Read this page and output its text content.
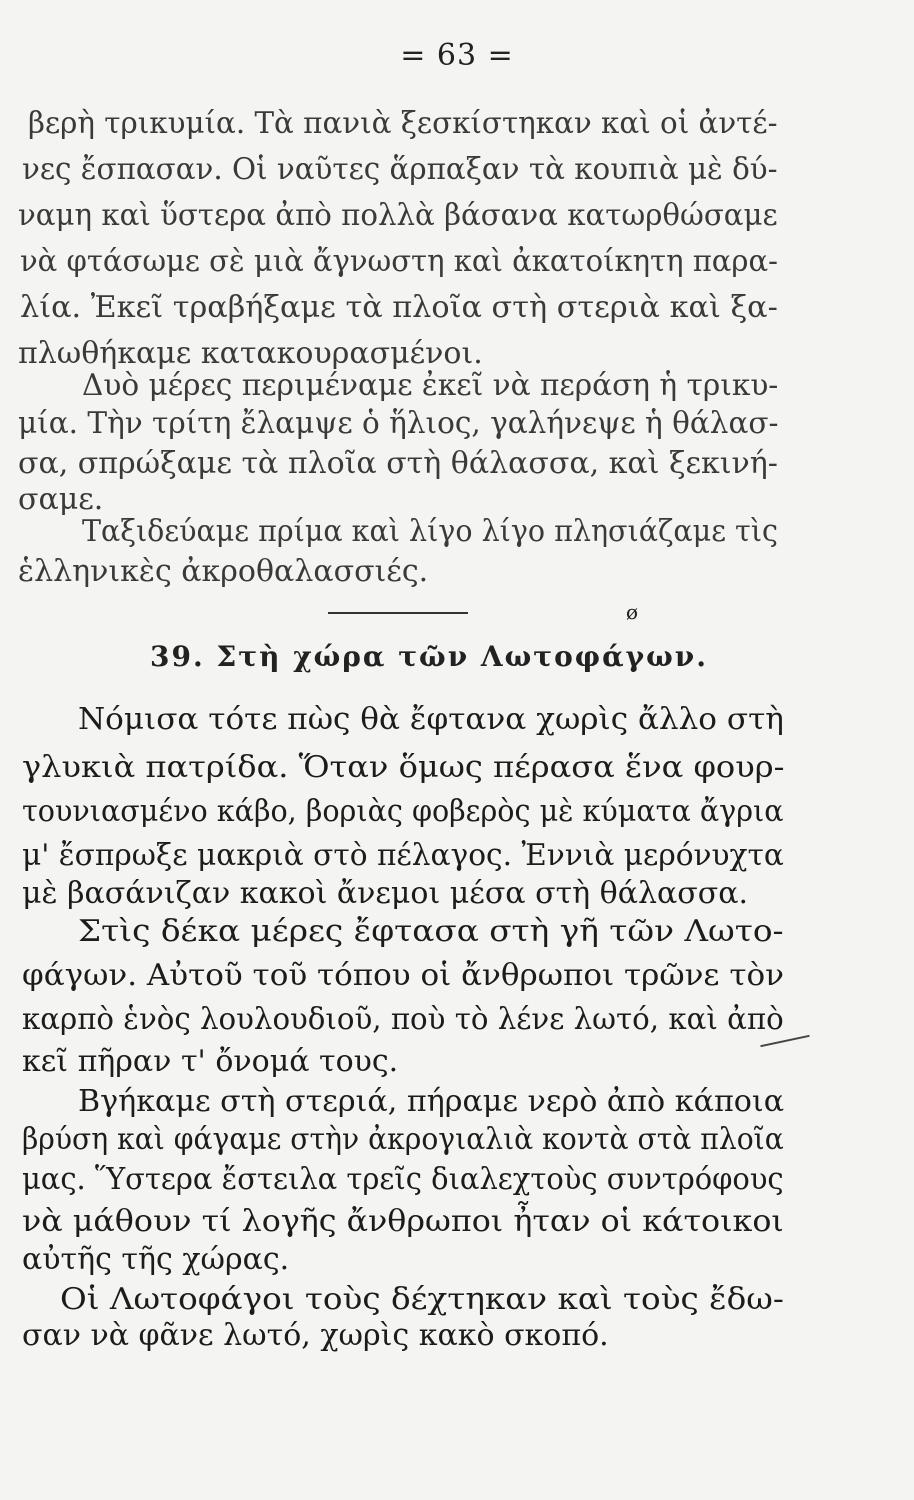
= 63 =
βερὴ τρικυμία. Τὰ πανιὰ ξεσκίστηκαν καὶ οἱ ἀντέ-
νες ἔσπασαν. Οἱ ναῦτες ἅρπαξαν τὰ κουπιὰ μὲ δύ-
ναμη καὶ ὕστερα ἀπὸ πολλὰ βάσανα κατωρθώσαμε
νὰ φτάσωμε σὲ μιὰ ἄγνωστη καὶ ἀκατοίκητη παρα-
λία. Ἐκεῖ τραβήξαμε τὰ πλοῖα στὴ στεριὰ καὶ ξα-
πλωθήκαμε κατακουρασμένοι.
Δυὸ μέρες περιμέναμε ἐκεῖ νὰ περάση ἡ τρικυ-
μία. Τὴν τρίτη ἔλαμψε ὁ ἥλιος, γαλήνεψε ἡ θάλασ-
σα, σπρώξαμε τὰ πλοῖα στὴ θάλασσα, καὶ ξεκινή-
σαμε.
Ταξιδεύαμε πρίμα καὶ λίγο λίγο πλησιάζαμε τὶς
ἑλληνικὲς ἀκροθαλασσιές.
ø
39. Στὴ χώρα τῶν Λωτοφάγων.
Νόμισα τότε πὼς θὰ ἔφτανα χωρὶς ἄλλο στὴ
γλυκιὰ πατρίδα. Ὅταν ὅμως πέρασα ἕνα φουρ-
τουνιασμένο κάβο, βοριὰς φοβερὸς μὲ κύματα ἄγρια
μ' ἔσπρωξε μακριὰ στὸ πέλαγος. Ἐννιὰ μερόνυχτα
μὲ βασάνιζαν κακοὶ ἄνεμοι μέσα στὴ θάλασσα.
Στὶς δέκα μέρες ἔφτασα στὴ γῆ τῶν Λωτο-
φάγων. Αὐτοῦ τοῦ τόπου οἱ ἄνθρωποι τρῶνε τὸν
καρπὸ ἑνὸς λουλουδιοῦ, ποὺ τὸ λένε λωτό, καὶ ἀπὸ
κεῖ πῆραν τ' ὄνομά τους.
Βγήκαμε στὴ στεριά, πήραμε νερὸ ἀπὸ κάποια
βρύση καὶ φάγαμε στὴν ἀκρογιαλιὰ κοντὰ στὰ πλοῖα
μας. Ὕστερα ἔστειλα τρεῖς διαλεχτοὺς συντρόφους
νὰ μάθουν τί λογῆς ἄνθρωποι ἦταν οἱ κάτοικοι
αὐτῆς τῆς χώρας.
Οἱ Λωτοφάγοι τοὺς δέχτηκαν καὶ τοὺς ἔδω-
σαν νὰ φᾶνε λωτό, χωρὶς κακὸ σκοπό.
